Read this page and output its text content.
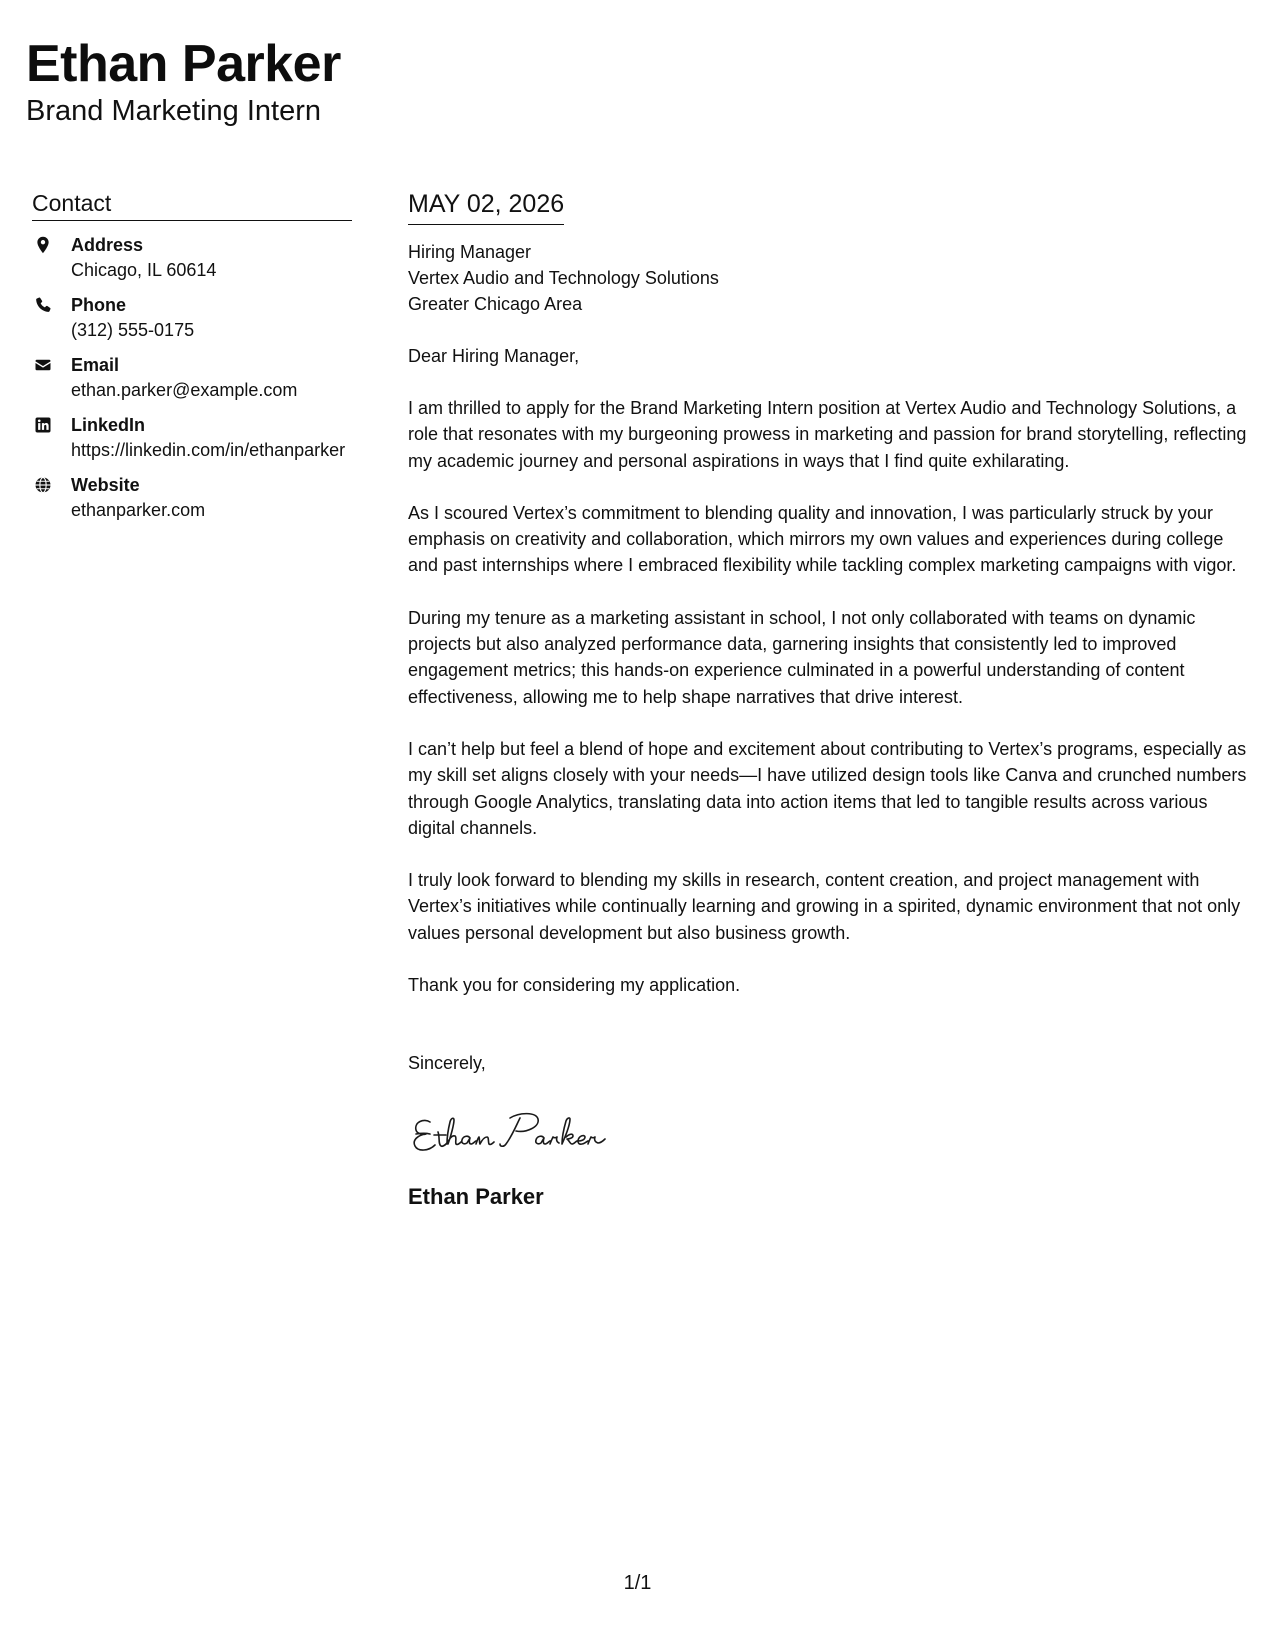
Ethan Parker
Brand Marketing Intern
Contact
Address
Chicago, IL 60614
Phone
(312) 555-0175
Email
ethan.parker@example.com
LinkedIn
https://linkedin.com/in/ethanparker
Website
ethanparker.com
MAY 02, 2026
Hiring Manager
Vertex Audio and Technology Solutions
Greater Chicago Area
Dear Hiring Manager,
I am thrilled to apply for the Brand Marketing Intern position at Vertex Audio and Technology Solutions, a role that resonates with my burgeoning prowess in marketing and passion for brand storytelling, reflecting my academic journey and personal aspirations in ways that I find quite exhilarating.
As I scoured Vertex’s commitment to blending quality and innovation, I was particularly struck by your emphasis on creativity and collaboration, which mirrors my own values and experiences during college and past internships where I embraced flexibility while tackling complex marketing campaigns with vigor.
During my tenure as a marketing assistant in school, I not only collaborated with teams on dynamic projects but also analyzed performance data, garnering insights that consistently led to improved engagement metrics; this hands-on experience culminated in a powerful understanding of content effectiveness, allowing me to help shape narratives that drive interest.
I can’t help but feel a blend of hope and excitement about contributing to Vertex’s programs, especially as my skill set aligns closely with your needs—I have utilized design tools like Canva and crunched numbers through Google Analytics, translating data into action items that led to tangible results across various digital channels.
I truly look forward to blending my skills in research, content creation, and project management with Vertex’s initiatives while continually learning and growing in a spirited, dynamic environment that not only values personal development but also business growth.
Thank you for considering my application.
Sincerely,
Ethan Parker
1/1
